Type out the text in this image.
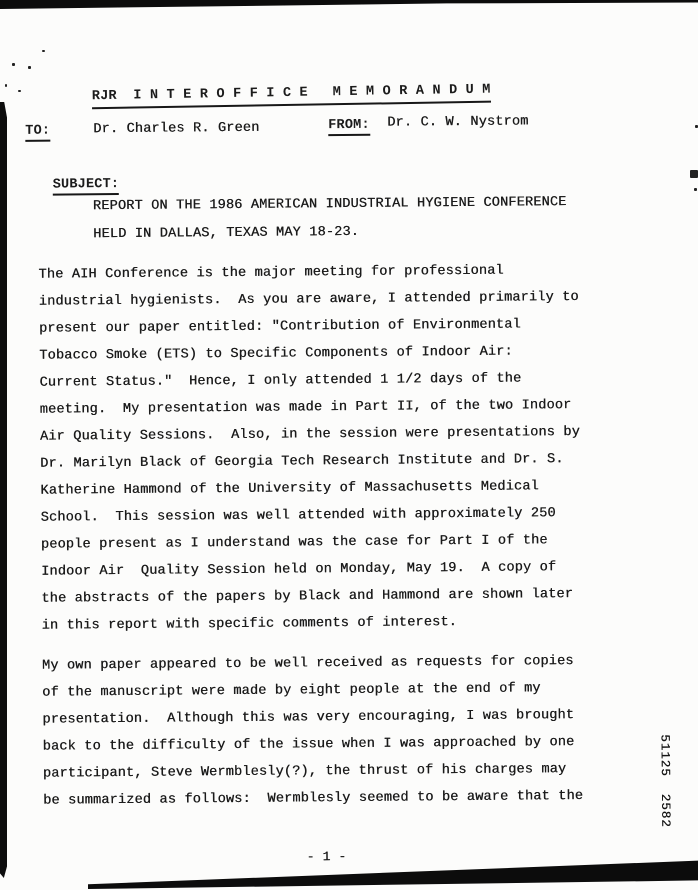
RJR  I N T E R O F F I C E   M E M O R A N D U M
TO:	Dr. Charles R. Green	FROM: Dr. C. W. Nystrom
SUBJECT:
REPORT ON THE 1986 AMERICAN INDUSTRIAL HYGIENE CONFERENCE
HELD IN DALLAS, TEXAS MAY 18-23.
The AIH Conference is the major meeting for professional
industrial hygienists.  As you are aware, I attended primarily to
present our paper entitled: "Contribution of Environmental
Tobacco Smoke (ETS) to Specific Components of Indoor Air:
Current Status."  Hence, I only attended 1 1/2 days of the
meeting.  My presentation was made in Part II, of the two Indoor
Air Quality Sessions.  Also, in the session were presentations by
Dr. Marilyn Black of Georgia Tech Research Institute and Dr. S.
Katherine Hammond of the University of Massachusetts Medical
School.  This session was well attended with approximately 250
people present as I understand was the case for Part I of the
Indoor Air  Quality Session held on Monday, May 19.  A copy of
the abstracts of the papers by Black and Hammond are shown later
in this report with specific comments of interest.
My own paper appeared to be well received as requests for copies
of the manuscript were made by eight people at the end of my
presentation.  Although this was very encouraging, I was brought
back to the difficulty of the issue when I was approached by one
participant, Steve Wermblesly(?), the thrust of his charges may
be summarized as follows:  Wermblesly seemed to be aware that the
- 1 -
51125  2582
